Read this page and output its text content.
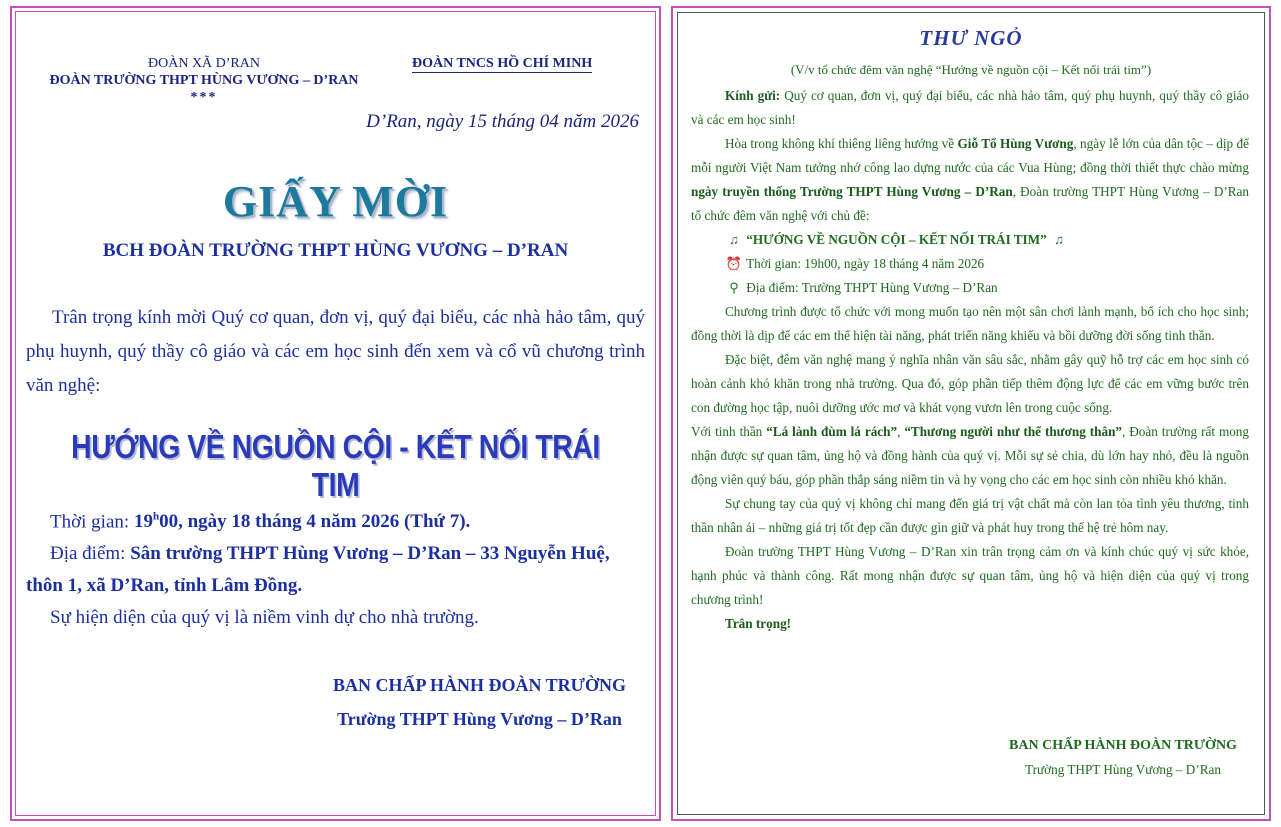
ĐOÀN XÃ D’RAN
ĐOÀN TRƯỜNG THPT HÙNG VƯƠNG – D’RAN
***
ĐOÀN TNCS HỒ CHÍ MINH
D’Ran, ngày 15 tháng 04 năm 2026
GIẤY MỜI
BCH ĐOÀN TRƯỜNG THPT HÙNG VƯƠNG – D’RAN
Trân trọng kính mời Quý cơ quan, đơn vị, quý đại biểu, các nhà hảo tâm, quý phụ huynh, quý thầy cô giáo và các em học sinh đến xem và cổ vũ chương trình văn nghệ:
HƯỚNG VỀ NGUỒN CỘI - KẾT NỐI TRÁI TIM
Thời gian: 19$^h$00, ngày 18 tháng 4 năm 2026 (Thứ 7).
Địa điểm: Sân trường THPT Hùng Vương – D’Ran – 33 Nguyễn Huệ, thôn 1, xã D’Ran, tỉnh Lâm Đồng.
Sự hiện diện của quý vị là niềm vinh dự cho nhà trường.
BAN CHẤP HÀNH ĐOÀN TRƯỜNG
Trường THPT Hùng Vương – D’Ran
THƯ NGỎ
(V/v tổ chức đêm văn nghệ “Hướng về nguồn cội – Kết nối trái tim”)

Kính gửi: Quý cơ quan, đơn vị, quý đại biểu, các nhà hảo tâm, quý phụ huynh, quý thầy cô giáo và các em học sinh!

Hòa trong không khí thiêng liêng hướng về Giỗ Tổ Hùng Vương, ngày lễ lớn của dân tộc – dịp để mỗi người Việt Nam tưởng nhớ công lao dựng nước của các Vua Hùng; đồng thời thiết thực chào mừng ngày truyền thống Trường THPT Hùng Vương – D’Ran, Đoàn trường THPT Hùng Vương – D’Ran tổ chức đêm văn nghệ với chủ đề:

♫ “HƯỚNG VỀ NGUỒN CỘI – KẾT NỐI TRÁI TIM” ♫

⏰ Thời gian: 19h00, ngày 18 tháng 4 năm 2026

⚲ Địa điểm: Trường THPT Hùng Vương – D’Ran

Chương trình được tổ chức với mong muốn tạo nên một sân chơi lành mạnh, bổ ích cho học sinh; đồng thời là dịp để các em thể hiện tài năng, phát triển năng khiếu và bồi dưỡng đời sống tinh thần.

Đặc biệt, đêm văn nghệ mang ý nghĩa nhân văn sâu sắc, nhằm gây quỹ hỗ trợ các em học sinh có hoàn cảnh khó khăn trong nhà trường. Qua đó, góp phần tiếp thêm động lực để các em vững bước trên con đường học tập, nuôi dưỡng ước mơ và khát vọng vươn lên trong cuộc sống.

Với tinh thần “Lá lành đùm lá rách”, “Thương người như thể thương thân”, Đoàn trường rất mong nhận được sự quan tâm, ủng hộ và đồng hành của quý vị. Mỗi sự sẻ chia, dù lớn hay nhỏ, đều là nguồn động viên quý báu, góp phần thắp sáng niềm tin và hy vọng cho các em học sinh còn nhiều khó khăn.

Sự chung tay của quý vị không chỉ mang đến giá trị vật chất mà còn lan tỏa tình yêu thương, tinh thần nhân ái – những giá trị tốt đẹp cần được gìn giữ và phát huy trong thế hệ trẻ hôm nay.

Đoàn trường THPT Hùng Vương – D’Ran xin trân trọng cảm ơn và kính chúc quý vị sức khỏe, hạnh phúc và thành công. Rất mong nhận được sự quan tâm, ủng hộ và hiện diện của quý vị trong chương trình!

Trân trọng!

BAN CHẤP HÀNH ĐOÀN TRƯỜNG
Trường THPT Hùng Vương – D’Ran
